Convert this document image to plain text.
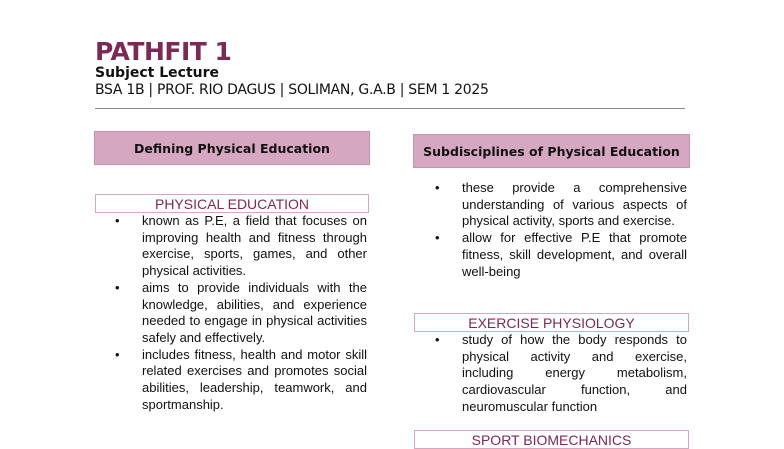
PATHFIT 1
Subject Lecture
BSA 1B | PROF. RIO DAGUS | SOLIMAN, G.A.B | SEM 1 2025
Defining Physical Education
PHYSICAL EDUCATION
• known as P.E, a field that focuses on improving health and fitness through exercise, sports, games, and other physical activities.
• aims to provide individuals with the knowledge, abilities, and experience needed to engage in physical activities safely and effectively.
• includes fitness, health and motor skill related exercises and promotes social abilities, leadership, teamwork, and sportmanship.
Subdisciplines of Physical Education
• these provide a comprehensive understanding of various aspects of physical activity, sports and exercise.
• allow for effective P.E that promote fitness, skill development, and overall well-being
EXERCISE PHYSIOLOGY
• study of how the body responds to physical activity and exercise, including energy metabolism, cardiovascular function, and neuromuscular function
SPORT BIOMECHANICS
